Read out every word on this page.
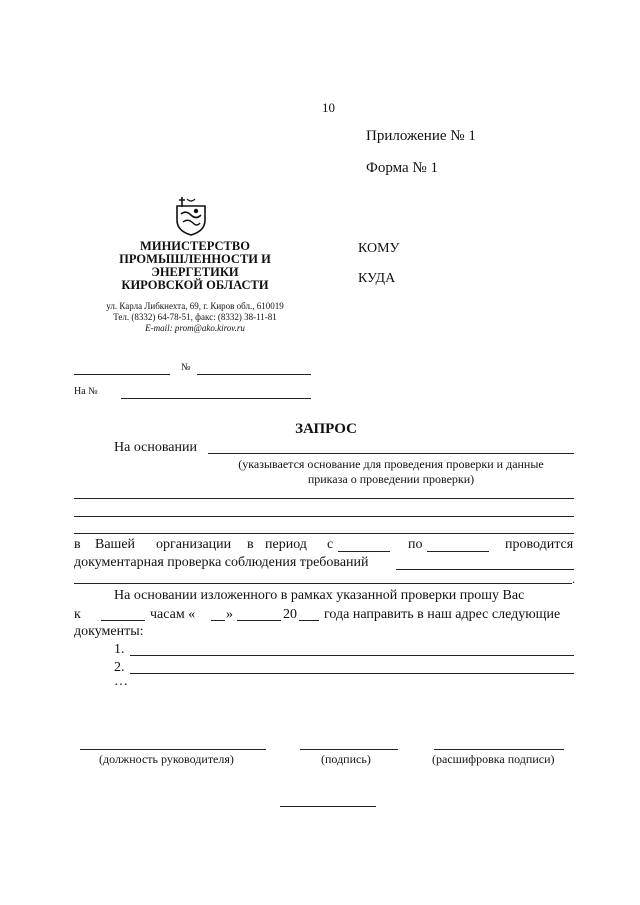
10
Приложение № 1
Форма № 1
МИНИСТЕРСТВО
ПРОМЫШЛЕННОСТИ И
ЭНЕРГЕТИКИ
КИРОВСКОЙ ОБЛАСТИ
ул. Карла Либкнехта, 69, г. Киров обл., 610019
Тел. (8332) 64-78-51, факс: (8332) 38-11-81
E-mail: prom@ako.kirov.ru
КОМУ
КУДА
№
На №
ЗАПРОС
На основании
(указывается основание для проведения проверки и данные
приказа о проведении проверки)
в Вашей организации в период с	по	проводится
документарная проверка соблюдения требований
.
На основании изложенного в рамках указанной проверки прошу Вас
к	часам « »	20 года направить в наш адрес следующие
документы:
1.
2.
…
(должность руководителя)	(подпись)	(расшифровка подписи)
